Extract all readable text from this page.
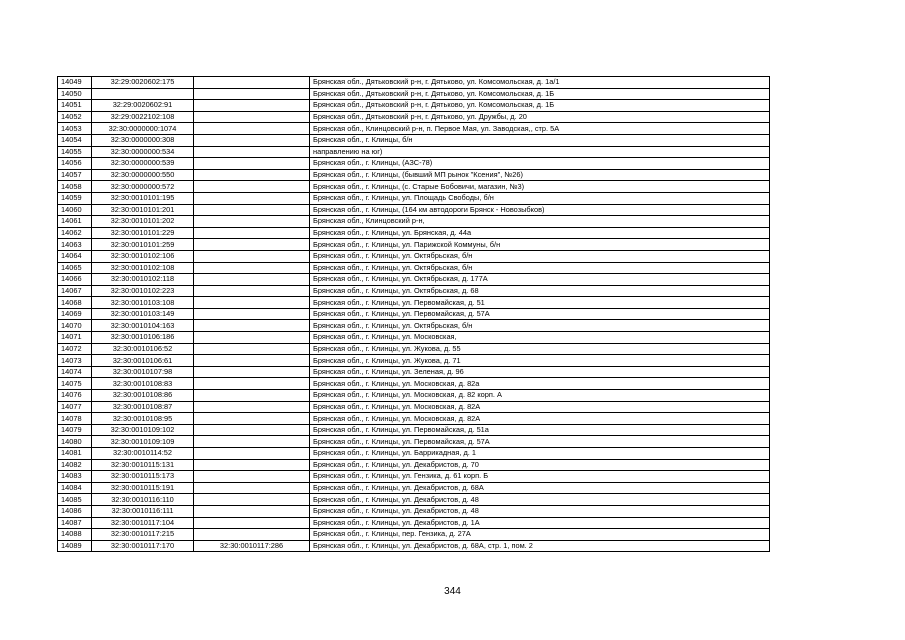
14049	32:29:0020602:175		Брянская обл., Дятьковский р-н, г. Дятьково, ул. Комсомольская, д. 1а/1
14050			Брянская обл., Дятьковский р-н, г. Дятьково, ул. Комсомольская, д. 1Б
14051	32:29:0020602:91		Брянская обл., Дятьковский р-н, г. Дятьково, ул. Комсомольская, д. 1Б
14052	32:29:0022102:108		Брянская обл., Дятьковский р-н, г. Дятьково, ул. Дружбы, д. 20
14053	32:30:0000000:1074		Брянская обл., Клинцовский р-н, п. Первое Мая, ул. Заводская,, стр. 5А
14054	32:30:0000000:308		Брянская обл., г. Клинцы, б/н
14055	32:30:0000000:534		направлению на юг)
14056	32:30:0000000:539		Брянская обл., г. Клинцы, (АЗС-78)
14057	32:30:0000000:550		Брянская обл., г. Клинцы, (бывший МП рынок "Ксения", №26)
14058	32:30:0000000:572		Брянская обл., г. Клинцы, (с. Старые Бобовичи, магазин, №3)
14059	32:30:0010101:195		Брянская обл., г. Клинцы, ул. Площадь Свободы, б/н
14060	32:30:0010101:201		Брянская обл., г. Клинцы, (164 км автодороги Брянск - Новозыбков)
14061	32:30:0010101:202		Брянская обл., Клинцовский р-н,
14062	32:30:0010101:229		Брянская обл., г. Клинцы, ул. Брянская, д. 44а
14063	32:30:0010101:259		Брянская обл., г. Клинцы, ул. Парижской Коммуны, б/н
14064	32:30:0010102:106		Брянская обл., г. Клинцы, ул. Октябрьская, б/н
14065	32:30:0010102:108		Брянская обл., г. Клинцы, ул. Октябрьская, б/н
14066	32:30:0010102:118		Брянская обл., г. Клинцы, ул. Октябрьская, д. 177А
14067	32:30:0010102:223		Брянская обл., г. Клинцы, ул. Октябрьская, д. 68
14068	32:30:0010103:108		Брянская обл., г. Клинцы, ул. Первомайская, д. 51
14069	32:30:0010103:149		Брянская обл., г. Клинцы, ул. Первомайская, д. 57А
14070	32:30:0010104:163		Брянская обл., г. Клинцы, ул. Октябрьская, б/н
14071	32:30:0010106:186		Брянская обл., г. Клинцы, ул. Московская,
14072	32:30:0010106:52		Брянская обл., г. Клинцы, ул. Жукова, д. 55
14073	32:30:0010106:61		Брянская обл., г. Клинцы, ул. Жукова, д. 71
14074	32:30:0010107:98		Брянская обл., г. Клинцы, ул. Зеленая, д. 96
14075	32:30:0010108:83		Брянская обл., г. Клинцы, ул. Московская, д. 82а
14076	32:30:0010108:86		Брянская обл., г. Клинцы, ул. Московская, д. 82 корп. А
14077	32:30:0010108:87		Брянская обл., г. Клинцы, ул. Московская, д. 82А
14078	32:30:0010108:95		Брянская обл., г. Клинцы, ул. Московская, д. 82А
14079	32:30:0010109:102		Брянская обл., г. Клинцы, ул. Первомайская, д. 51а
14080	32:30:0010109:109		Брянская обл., г. Клинцы, ул. Первомайская, д. 57А
14081	32:30:0010114:52		Брянская обл., г. Клинцы, ул. Баррикадная, д. 1
14082	32:30:0010115:131		Брянская обл., г. Клинцы, ул. Декабристов, д. 70
14083	32:30:0010115:173		Брянская обл., г. Клинцы, ул. Гензика, д. 61 корп. Б
14084	32:30:0010115:191		Брянская обл., г. Клинцы, ул. Декабристов, д. 68А
14085	32:30:0010116:110		Брянская обл., г. Клинцы, ул. Декабристов, д. 48
14086	32:30:0010116:111		Брянская обл., г. Клинцы, ул. Декабристов, д. 48
14087	32:30:0010117:104		Брянская обл., г. Клинцы, ул. Декабристов, д. 1А
14088	32:30:0010117:215		Брянская обл., г. Клинцы, пер. Гензика, д. 27А
14089	32:30:0010117:170	32:30:0010117:286	Брянская обл., г. Клинцы, ул. Декабристов, д. 68А, стр. 1, пом. 2
344
